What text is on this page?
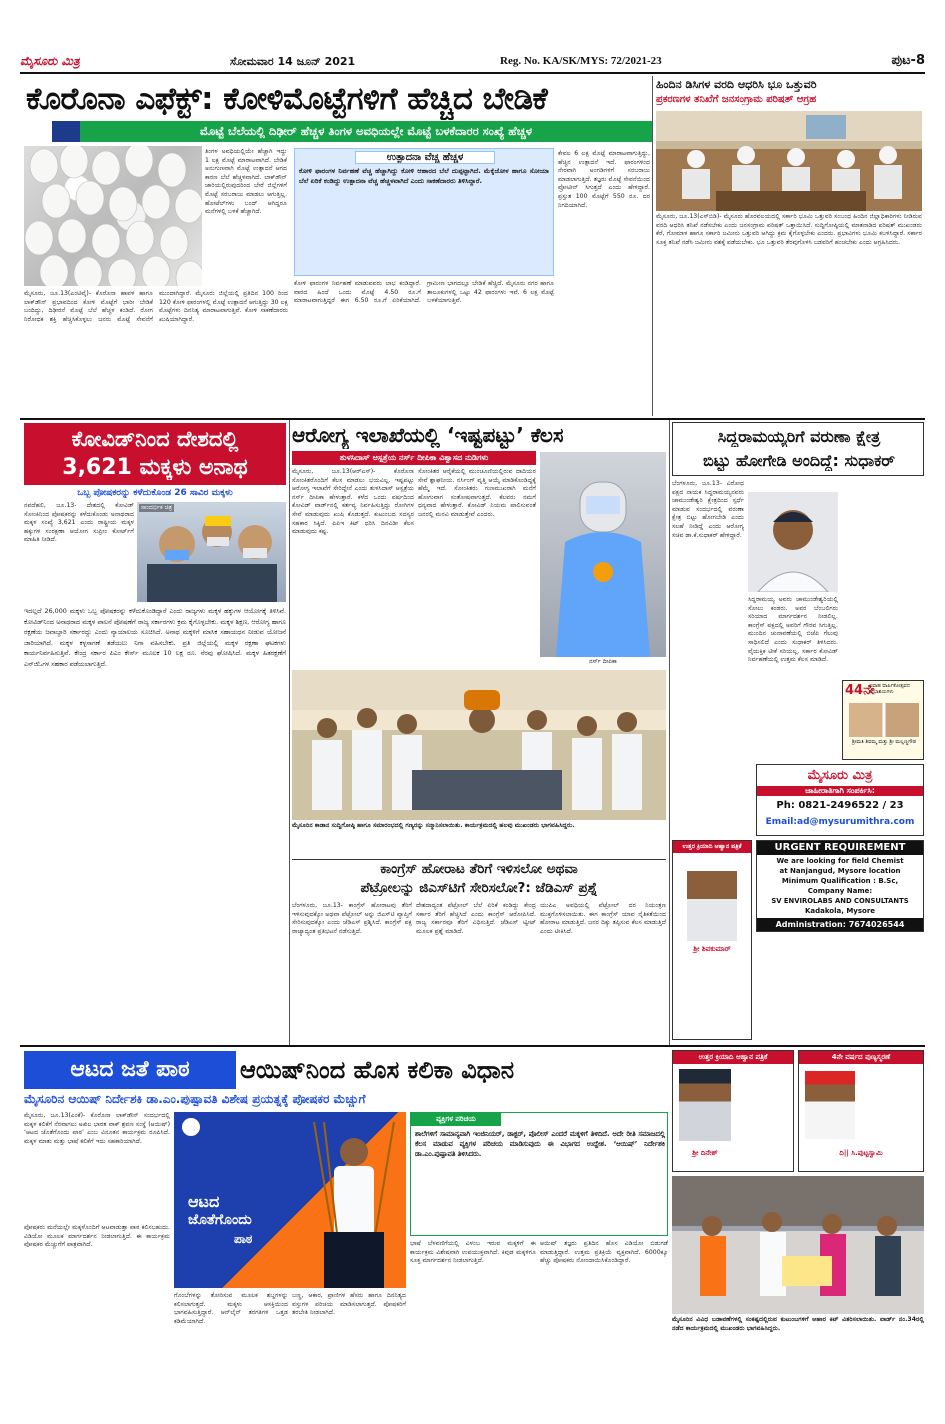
ಮೈಸೂರು ಮಿತ್ರ	ಸೋಮವಾರ 14 ಜೂನ್ 2021	Reg. No. KA/SK/MYS: 72/2021-23	ಪುಟ-8
ಕೊರೊನಾ ಎಫೆಕ್ಟ್: ಕೋಳಿಮೊಟ್ಟೆಗಳಿಗೆ ಹೆಚ್ಚಿದ ಬೇಡಿಕೆ
ಮೊಟ್ಟೆ ಬೆಲೆಯಲ್ಲಿ ದಿಢೀರ್ ಹೆಚ್ಚಳ ತಿಂಗಳ ಅವಧಿಯಲ್ಲೇ ಮೊಟ್ಟೆ ಬಳಕೆದಾರರ ಸಂಖ್ಯೆ ಹೆಚ್ಚಳ
ತಿಂಗಳ ಅವಧಿಯಲ್ಲಿಯೇ ಹೆಚ್ಚಾಗಿ ಇದ್ದು 1 ಲಕ್ಷ ಮೊಟ್ಟೆ ಮಾರಾಟವಾಗಿದೆ. ಬೇಡಿಕೆ ಅನುಗುಣವಾಗಿ ಮೊಟ್ಟೆ ಉತ್ಪಾದನೆ ಆಗದ ಕಾರಣ ಬೆಲೆ ಹೆಚ್ಚಳವಾಗಿದೆ. ಲಾಕ್‌ಡೌನ್ ಜಾರಿಯಲ್ಲಿರುವುದರಿಂದ ಬೇರೆ ಜಿಲ್ಲೆಗಳಿಗೆ ಮೊಟ್ಟೆ ಸರಬರಾಜು ಮಾಡಲು ಆಗುತ್ತಿಲ್ಲ. ಹೋಟೆಲ್‌ಗಳು ಬಂದ್ ಆಗಿದ್ದರೂ ಮನೆಗಳಲ್ಲಿ ಬಳಕೆ ಹೆಚ್ಚಾಗಿದೆ.
ಮೈಸೂರು, ಜೂ.13(ಎಂಟಿವೈ)- ಕೊರೊನಾ ಹಾವಳಿ ಹಾಗೂ ಲಾಕ್‌ಡೌನ್ ಪ್ರಭಾವದಿಂದ ಕೋಳಿ ಮೊಟ್ಟೆಗೆ ಭಾರೀ ಬೇಡಿಕೆ ಬಂದಿದ್ದು, ದಿಢೀರನೆ ಮೊಟ್ಟೆ ಬೆಲೆ ಹೆಚ್ಚಳ ಕಂಡಿದೆ. ರೋಗ ನಿರೋಧಕ ಶಕ್ತಿ ಹೆಚ್ಚಿಸಿಕೊಳ್ಳಲು ಜನರು ಮೊಟ್ಟೆ ಸೇವನೆಗೆ ಮುಂದಾಗಿದ್ದಾರೆ. ಮೈಸೂರು ಜಿಲ್ಲೆಯಲ್ಲಿ ಪ್ರತಿದಿನ 100 ರಿಂದ 120 ಕೋಳಿ ಫಾರಂಗಳಲ್ಲಿ ಮೊಟ್ಟೆ ಉತ್ಪಾದನೆ ಆಗುತ್ತಿದ್ದು 30 ಲಕ್ಷ ಮೊಟ್ಟೆಗಳು ದಿನನಿತ್ಯ ಮಾರಾಟವಾಗುತ್ತಿವೆ. ಕೋಳಿ ಸಾಕಣೆದಾರರು ಖುಷಿಯಾಗಿದ್ದಾರೆ.
ಉತ್ಪಾದನಾ ವೆಚ್ಚ ಹೆಚ್ಚಳ
ಕೋಳಿ ಫಾರಂಗಳ ನಿರ್ವಹಣೆ ವೆಚ್ಚ ಹೆಚ್ಚಾಗಿದ್ದು ಕೋಳಿ ಆಹಾರದ ಬೆಲೆ ದುಪ್ಪಟ್ಟಾಗಿದೆ. ಮೆಕ್ಕೆಜೋಳ ಹಾಗೂ ಸೋಯಾ ಬೆಲೆ ಏರಿಕೆ ಕಂಡಿದ್ದು ಉತ್ಪಾದನಾ ವೆಚ್ಚ ಹೆಚ್ಚಳವಾಗಿದೆ ಎಂದು ಸಾಕಣೆದಾರರು ತಿಳಿಸಿದ್ದಾರೆ.
ಕೋಳಿ ಫಾರಂಗಳ ನಿರ್ವಹಣೆ ಮಾಡುವವರು ಲಾಭ ಕಂಡಿದ್ದಾರೆ. ವಾರದ ಹಿಂದೆ ಒಂದು ಮೊಟ್ಟೆ 4.50 ರೂ.ಗೆ ಮಾರಾಟವಾಗುತ್ತಿದ್ದರೆ ಈಗ 6.50 ರೂ.ಗೆ ಏರಿಕೆಯಾಗಿದೆ. ಗ್ರಾಮೀಣ ಭಾಗದಲ್ಲೂ ಬೇಡಿಕೆ ಹೆಚ್ಚಿದೆ. ಮೈಸೂರು ನಗರ ಹಾಗೂ ತಾಲೂಕುಗಳಲ್ಲಿ ಒಟ್ಟು 42 ಫಾರಂಗಳು ಇವೆ. 6 ಲಕ್ಷ ಮೊಟ್ಟೆ ಬಳಕೆಯಾಗುತ್ತಿವೆ.
ಕೇವಲ 6 ಲಕ್ಷ ಮೊಟ್ಟೆ ಮಾರಾಟವಾಗುತ್ತಿದ್ದು, ಹೆಚ್ಚಿನ ಉತ್ಪಾದನೆ ಇದೆ. ಫಾರಂಗಳಿಂದ ನೇರವಾಗಿ ಅಂಗಡಿಗಳಿಗೆ ಸರಬರಾಜು ಮಾಡಲಾಗುತ್ತಿದೆ. ತಜ್ಞರು ಮೊಟ್ಟೆ ಸೇವನೆಯಿಂದ ಪ್ರೋಟೀನ್ ಸಿಗುತ್ತದೆ ಎಂದು ಹೇಳಿದ್ದಾರೆ. ಪ್ರಸ್ತುತ 100 ಮೊಟ್ಟೆಗೆ 550 ರೂ. ದರ ನಿಗದಿಯಾಗಿದೆ.
ಹಿಂದಿನ ಡಿಸಿಗಳ ವರದಿ ಆಧರಿಸಿ ಭೂ ಒತ್ತುವರಿ
ಪ್ರಕರಣಗಳ ತನಿಖೆಗೆ ಜನಸಂಗ್ರಾಮ ಪರಿಷತ್ ಆಗ್ರಹ
ಮೈಸೂರು, ಜೂ.13(ಎಸ್‌ಬಿಡಿ)- ಮೈಸೂರು ಹೊರವಲಯದಲ್ಲಿ ಸರ್ಕಾರಿ ಭೂಮಿ ಒತ್ತುವರಿ ಸಂಬಂಧ ಹಿಂದಿನ ಜಿಲ್ಲಾಧಿಕಾರಿಗಳು ನೀಡಿರುವ ವರದಿ ಆಧರಿಸಿ ತನಿಖೆ ನಡೆಸಬೇಕು ಎಂದು ಜನಸಂಗ್ರಾಮ ಪರಿಷತ್ ಒತ್ತಾಯಿಸಿದೆ. ಸುದ್ದಿಗೋಷ್ಠಿಯಲ್ಲಿ ಮಾತನಾಡಿದ ಪರಿಷತ್ ಮುಖಂಡರು ಕೆರೆ, ಗೋಮಾಳ ಹಾಗೂ ಸರ್ಕಾರಿ ಜಮೀನು ಒತ್ತುವರಿ ಆಗಿದ್ದು ಕ್ರಮ ಕೈಗೊಳ್ಳಬೇಕು ಎಂದರು. ಪ್ರಭಾವಿಗಳು ಭೂಮಿ ಕಬಳಿಸಿದ್ದಾರೆ. ಸರ್ಕಾರ ಸೂಕ್ತ ತನಿಖೆ ನಡೆಸಿ ಜಮೀನು ವಶಕ್ಕೆ ಪಡೆಯಬೇಕು. ಭೂ ಒತ್ತುವರಿ ತೆರವುಗೊಳಿಸಿ ಬಡವರಿಗೆ ಹಂಚಬೇಕು ಎಂದು ಆಗ್ರಹಿಸಿದರು.
ಕೋವಿಡ್‌ನಿಂದ ದೇಶದಲ್ಲಿ
3,621 ಮಕ್ಕಳು ಅನಾಥ
ಒಬ್ಬ ಪೋಷಕರನ್ನು ಕಳೆದುಕೊಂಡ 26 ಸಾವಿರ ಮಕ್ಕಳು
ನವದೆಹಲಿ, ಜೂ.13- ದೇಶದಲ್ಲಿ ಕೋವಿಡ್ ಸೋಂಕಿನಿಂದ ಪೋಷಕರನ್ನು ಕಳೆದುಕೊಂಡು ಅನಾಥರಾದ ಮಕ್ಕಳ ಸಂಖ್ಯೆ 3,621 ಎಂದು ರಾಷ್ಟ್ರೀಯ ಮಕ್ಕಳ ಹಕ್ಕುಗಳ ಸಂರಕ್ಷಣಾ ಆಯೋಗ ಸುಪ್ರೀಂ ಕೋರ್ಟ್‌ಗೆ ಮಾಹಿತಿ ನೀಡಿದೆ.
ಸಾಂದರ್ಭಿಕ ಚಿತ್ರ
ಇದಲ್ಲದೆ 26,000 ಮಕ್ಕಳು ಒಬ್ಬ ಪೋಷಕರನ್ನು ಕಳೆದುಕೊಂಡಿದ್ದಾರೆ ಎಂದು ರಾಜ್ಯಗಳು ಮಕ್ಕಳ ಹಕ್ಕುಗಳ ಆಯೋಗಕ್ಕೆ ತಿಳಿಸಿವೆ. ಕೋವಿಡ್‌ನಿಂದ ಅನಾಥರಾದ ಮಕ್ಕಳ ಪಾಲನೆ ಪೋಷಣೆಗೆ ರಾಜ್ಯ ಸರ್ಕಾರಗಳು ಕ್ರಮ ಕೈಗೊಳ್ಳಬೇಕು. ಮಕ್ಕಳ ಶಿಕ್ಷಣ, ಆರೋಗ್ಯ ಹಾಗೂ ರಕ್ಷಣೆಯ ಜವಾಬ್ದಾರಿ ಸರ್ಕಾರದ್ದು ಎಂದು ನ್ಯಾಯಾಲಯ ಸೂಚಿಸಿದೆ. ಅನಾಥ ಮಕ್ಕಳಿಗೆ ಮಾಸಿಕ ಸಹಾಯಧನ ನೀಡುವ ಯೋಜನೆ ಜಾರಿಯಾಗಿದೆ. ಮಕ್ಕಳ ಕಳ್ಳಸಾಗಣೆ ತಡೆಯಲು ನಿಗಾ ವಹಿಸಬೇಕು. ಪ್ರತಿ ಜಿಲ್ಲೆಯಲ್ಲಿ ಮಕ್ಕಳ ರಕ್ಷಣಾ ಘಟಕಗಳು ಕಾರ್ಯನಿರ್ವಹಿಸುತ್ತಿವೆ. ಕೇಂದ್ರ ಸರ್ಕಾರ ಪಿಎಂ ಕೇರ್ಸ್ ಮೂಲಕ 10 ಲಕ್ಷ ರೂ. ನೆರವು ಘೋಷಿಸಿದೆ. ಮಕ್ಕಳ ಹಿತರಕ್ಷಣೆಗೆ ಎನ್‌ಜಿಓಗಳ ಸಹಕಾರ ಪಡೆಯಲಾಗುತ್ತಿದೆ.
ಆರೋಗ್ಯ ಇಲಾಖೆಯಲ್ಲಿ ‘ಇಷ್ಟಪಟ್ಟು’ ಕೆಲಸ
ತುಳಸಿದಾಸ್ ಆಸ್ಪತ್ರೆಯ ನರ್ಸ್ ದೀಪಿಕಾ ವಿಶ್ವಾಸದ ನುಡಿಗಳು
ಮೈಸೂರು, ಜೂ.13(ಆರ್‌ಎಸ್)- ಕೊರೊನಾ ಸೋಂಕಿತರೊಂದಿಗೆ ಕೆಲಸ ಮಾಡಲು ಭಯವಿಲ್ಲ. ಇಷ್ಟಪಟ್ಟು ಆರೋಗ್ಯ ಇಲಾಖೆಗೆ ಸೇರಿದ್ದೇನೆ ಎಂದು ತುಳಸಿದಾಸ್ ಆಸ್ಪತ್ರೆಯ ನರ್ಸ್ ದೀಪಿಕಾ ಹೇಳುತ್ತಾರೆ. ಕಳೆದ ಒಂದು ವರ್ಷದಿಂದ ಕೋವಿಡ್ ವಾರ್ಡ್‌ನಲ್ಲಿ ಕರ್ತವ್ಯ ನಿರ್ವಹಿಸುತ್ತಿದ್ದು ರೋಗಿಗಳ ಸೇವೆ ಮಾಡುವುದು ಖುಷಿ ಕೊಡುತ್ತದೆ. ಕುಟುಂಬದ ಸದಸ್ಯರ ಸಹಕಾರ ಸಿಕ್ಕಿದೆ. ಪಿಪಿಇ ಕಿಟ್ ಧರಿಸಿ ದಿನವಿಡೀ ಕೆಲಸ ಮಾಡುವುದು ಕಷ್ಟ.
ಸೋಂಕಿತರ ಆರೈಕೆಯಲ್ಲಿ ಮುಂಚೂಣಿಯಲ್ಲಿರುವ ದಾದಿಯರ ಸೇವೆ ಶ್ಲಾಘನೀಯ. ನರ್ಸಿಂಗ್ ವೃತ್ತಿ ಆಯ್ಕೆ ಮಾಡಿಕೊಂಡಿದ್ದಕ್ಕೆ ಹೆಮ್ಮೆ ಇದೆ. ಸೋಂಕಿತರು ಗುಣಮುಖರಾಗಿ ಮನೆಗೆ ಹೋಗುವಾಗ ಸಂತೋಷವಾಗುತ್ತದೆ. ಕೆಲವರು ನಮಗೆ ಧನ್ಯವಾದ ಹೇಳುತ್ತಾರೆ. ಕೋವಿಡ್ ನಿಯಮ ಪಾಲಿಸುವಂತೆ ಜನರಲ್ಲಿ ಮನವಿ ಮಾಡುತ್ತೇವೆ ಎಂದರು.
ನರ್ಸ್ ದೀಪಿಕಾ
ಮೈಸೂರಿನ ಕಾಡಾನ ಸುದ್ದಿಗೋಷ್ಠಿ ಹಾಗೂ ಸಮಾರಂಭದಲ್ಲಿ ಗಣ್ಯರನ್ನು ಸನ್ಮಾನಿಸಲಾಯಿತು. ಕಾರ್ಯಕ್ರಮದಲ್ಲಿ ಹಲವು ಮುಖಂಡರು ಭಾಗವಹಿಸಿದ್ದರು.
ಕಾಂಗ್ರೆಸ್ ಹೋರಾಟ ತೆರಿಗೆ ಇಳಿಸಲೋ ಅಥವಾ
ಪೆಟ್ರೋಲನ್ನು ಜಿಎಸ್‌ಟಿಗೆ ಸೇರಿಸಲೋ?: ಜೆಡಿಎಸ್ ಪ್ರಶ್ನೆ
ಬೆಂಗಳೂರು, ಜೂ.13- ಕಾಂಗ್ರೆಸ್ ಹೋರಾಟವು ತೆರಿಗೆ ಇಳಿಸುವುದಕ್ಕೋ ಅಥವಾ ಪೆಟ್ರೋಲ್ ಅನ್ನು ಜಿಎಸ್‌ಟಿ ವ್ಯಾಪ್ತಿಗೆ ಸೇರಿಸುವುದಕ್ಕೋ ಎಂದು ಜೆಡಿಎಸ್ ಪ್ರಶ್ನಿಸಿದೆ. ಕಾಂಗ್ರೆಸ್ ಪಕ್ಷ ರಾಜ್ಯಾದ್ಯಂತ ಪ್ರತಿಭಟನೆ ನಡೆಸುತ್ತಿದೆ.
ದೇಶದಾದ್ಯಂತ ಪೆಟ್ರೋಲ್ ಬೆಲೆ ಏರಿಕೆ ಕಂಡಿದ್ದು ಕೇಂದ್ರ ಸರ್ಕಾರ ತೆರಿಗೆ ಹೆಚ್ಚಿಸಿದೆ ಎಂದು ಕಾಂಗ್ರೆಸ್ ಆರೋಪಿಸಿದೆ. ರಾಜ್ಯ ಸರ್ಕಾರವೂ ತೆರಿಗೆ ವಿಧಿಸುತ್ತಿದೆ. ಜೆಡಿಎಸ್ ಟ್ವೀಟ್ ಮೂಲಕ ಪ್ರಶ್ನೆ ಮಾಡಿದೆ.
ಯುಪಿಎ ಅವಧಿಯಲ್ಲಿ ಪೆಟ್ರೋಲ್ ದರ ನಿಯಂತ್ರಣ ಮುಕ್ತಗೊಳಿಸಲಾಯಿತು. ಈಗ ಕಾಂಗ್ರೆಸ್ ಯಾವ ನೈತಿಕತೆಯಿಂದ ಹೋರಾಟ ಮಾಡುತ್ತಿದೆ. ಜನರ ದಿಕ್ಕು ತಪ್ಪಿಸುವ ಕೆಲಸ ಮಾಡುತ್ತಿದೆ ಎಂದು ಟೀಕಿಸಿದೆ.
ಸಿದ್ದರಾಮಯ್ಯರಿಗೆ ವರುಣಾ ಕ್ಷೇತ್ರ
ಬಿಟ್ಟು ಹೋಗೇಡಿ ಅಂದಿದ್ದೆ: ಸುಧಾಕರ್
ಬೆಂಗಳೂರು, ಜೂ.13- ವಿರೋಧ ಪಕ್ಷದ ನಾಯಕ ಸಿದ್ದರಾಮಯ್ಯನವರು ಚಾಮುಂಡೇಶ್ವರಿ ಕ್ಷೇತ್ರದಿಂದ ಸ್ಪರ್ಧೆ ಮಾಡುವ ಸಂದರ್ಭದಲ್ಲಿ ವರುಣಾ ಕ್ಷೇತ್ರ ಬಿಟ್ಟು ಹೋಗಬೇಡಿ ಎಂದು ಸಲಹೆ ನೀಡಿದ್ದೆ ಎಂದು ಆರೋಗ್ಯ ಸಚಿವ ಡಾ.ಕೆ.ಸುಧಾಕರ್ ಹೇಳಿದ್ದಾರೆ.
ಸಿದ್ದರಾಮಯ್ಯ ಅವರು ಚಾಮುಂಡೇಶ್ವರಿಯಲ್ಲಿ ಸೋಲು ಕಂಡರು. ಅವರ ಬೆಂಬಲಿಗರು ಸರಿಯಾದ ಮಾರ್ಗದರ್ಶನ ನೀಡಲಿಲ್ಲ. ಕಾಂಗ್ರೆಸ್ ಪಕ್ಷದಲ್ಲಿ ಅವರಿಗೆ ಗೌರವ ಸಿಗುತ್ತಿಲ್ಲ. ಮುಂದಿನ ಚುನಾವಣೆಯಲ್ಲಿ ಬಿಜೆಪಿ ಗೆಲುವು ಸಾಧಿಸಲಿದೆ ಎಂದು ಸುಧಾಕರ್ ತಿಳಿಸಿದರು. ವೈಯಕ್ತಿಕ ಟೀಕೆ ಸರಿಯಲ್ಲ. ಸರ್ಕಾರ ಕೋವಿಡ್ ನಿರ್ವಹಣೆಯಲ್ಲಿ ಉತ್ತಮ ಕೆಲಸ ಮಾಡಿದೆ.
44ನೇ
ವಿವಾಹ ವಾರ್ಷಿಕೋತ್ಸವದ ಶುಭಾಶಯಗಳು
ಶ್ರೀಮತಿ ಶಿವಮ್ಮ ಮತ್ತು ಶ್ರೀ ಮಲ್ಲಣ್ಣಗೌಡ
ಮೈಸೂರು ಮಿತ್ರ
ಜಾಹೀರಾತಿಗಾಗಿ ಸಂಪರ್ಕಿಸಿ:
Ph: 0821-2496522 / 23
Email:ad@mysurumithra.com
ಉತ್ತರ ಕ್ರಿಯಾದಿ ಆಹ್ವಾನ ಪತ್ರಿಕೆ
ಶ್ರೀ ಶಿವಕುಮಾರ್
URGENT REQUIREMENT
We are looking for field Chemist
at Nanjangud, Mysore location
Minimum Qualification : B.Sc,
Company Name:
SV ENVIROLABS AND CONSULTANTS
Kadakola, Mysore
Administration: 7674026544
ಉತ್ತರ ಕ್ರಿಯಾದಿ ಆಹ್ವಾನ ಪತ್ರಿಕೆ
ಶ್ರೀ ದಿನೇಶ್
4ನೇ ವರ್ಷದ ಪುಣ್ಯಸ್ಮರಣೆ
ದಿ|| ಸಿ.ಪುಟ್ಟಸ್ವಾಮಿ
ಆಟದ ಜತೆ ಪಾಠ	ಆಯಿಷ್‌ನಿಂದ ಹೊಸ ಕಲಿಕಾ ವಿಧಾನ
ಮೈಸೂರಿನ ಆಯಿಷ್ ನಿರ್ದೇಶಕಿ ಡಾ.ಎಂ.ಪುಷ್ಪಾವತಿ ವಿಶೇಷ ಪ್ರಯತ್ನಕ್ಕೆ ಪೋಷಕರ ಮೆಚ್ಚುಗೆ
ಮೈಸೂರು, ಜೂ.13(ಎಂಕೆ)- ಕೊರೊನಾ ಲಾಕ್‌ಡೌನ್ ಸಂದರ್ಭದಲ್ಲಿ ಮಕ್ಕಳ ಕಲಿಕೆಗೆ ನೆರವಾಗಲು ಅಖಿಲ ಭಾರತ ವಾಕ್ ಶ್ರವಣ ಸಂಸ್ಥೆ (ಆಯಿಷ್) ‘ಆಟದ ಜೊತೆಗೊಂದು ಪಾಠ’ ಎಂಬ ವಿನೂತನ ಕಾರ್ಯಕ್ರಮ ರೂಪಿಸಿದೆ. ಮಕ್ಕಳ ಮಾತು ಮತ್ತು ಭಾಷೆ ಕಲಿಕೆಗೆ ಇದು ಸಹಕಾರಿಯಾಗಿದೆ.
ಆಟದ
ಜೊತೆಗೊಂದು
ಪಾಠ
ಪೋಷಕರು ಮನೆಯಲ್ಲೇ ಮಕ್ಕಳೊಂದಿಗೆ ಆಟವಾಡುತ್ತಾ ಪಾಠ ಕಲಿಸಬಹುದು. ವಿಡಿಯೋ ಮೂಲಕ ಮಾರ್ಗದರ್ಶನ ನೀಡಲಾಗುತ್ತಿದೆ. ಈ ಕಾರ್ಯಕ್ರಮ ಪೋಷಕರ ಮೆಚ್ಚುಗೆಗೆ ಪಾತ್ರವಾಗಿದೆ.
ಗೊಂಬೆಗಳನ್ನು ತೋರಿಸುವ ಮೂಲಕ ಶಬ್ದಗಳನ್ನು ಕಲಿಸಲಾಗುತ್ತದೆ. ಮಕ್ಕಳು ಆಸಕ್ತಿಯಿಂದ ಭಾಗವಹಿಸುತ್ತಿದ್ದಾರೆ. ಆನ್‌ಲೈನ್ ತರಗತಿಗಳ ಒತ್ತಡ ಕಡಿಮೆಯಾಗಿದೆ.
ಬಣ್ಣ, ಆಕಾರ, ಪ್ರಾಣಿಗಳ ಹೆಸರು ಹಾಗೂ ದಿನನಿತ್ಯದ ವಸ್ತುಗಳ ಪರಿಚಯ ಮಾಡಿಸಲಾಗುತ್ತದೆ. ಪೋಷಕರಿಗೆ ತರಬೇತಿ ನೀಡಲಾಗಿದೆ.
ವ್ಯಕ್ತಿಗಳ ಪರಿಚಯ
ಶಾಲೆಗಳಿಗೆ ಸಾಮಾನ್ಯವಾಗಿ ಇಂಜಿನಿಯರ್, ಡಾಕ್ಟರ್, ಪೊಲೀಸ್ ಎಂದರೆ ಮಕ್ಕಳಿಗೆ ತಿಳಿದಿದೆ. ಅದೇ ರೀತಿ ಸಮಾಜದಲ್ಲಿ ಕೆಲಸ ಮಾಡುವ ವ್ಯಕ್ತಿಗಳ ಪರಿಚಯ ಮಾಡಿಸುವುದು ಈ ವಿಭಾಗದ ಉದ್ದೇಶ. ‘ಆಯಿಷ್’ ನಿರ್ದೇಶಕಿ ಡಾ.ಎಂ.ಪುಷ್ಪಾವತಿ ತಿಳಿಸಿದರು.
ಭಾಷೆ ಬೆಳವಣಿಗೆಯಲ್ಲಿ ವಿಳಂಬ ಇರುವ ಮಕ್ಕಳಿಗೆ ಈ ಕಾರ್ಯಕ್ರಮ ವಿಶೇಷವಾಗಿ ಉಪಯುಕ್ತವಾಗಿದೆ. ಕಿವುಡ ಮಕ್ಕಳಿಗೂ ಸೂಕ್ತ ಮಾರ್ಗದರ್ಶನ ನೀಡಲಾಗುತ್ತಿದೆ.
ಆಯಿಷ್ ತಜ್ಞರು ಪ್ರತಿದಿನ ಹೊಸ ವಿಡಿಯೋ ಬಿಡುಗಡೆ ಮಾಡುತ್ತಿದ್ದಾರೆ. ಉತ್ತಮ ಪ್ರತಿಕ್ರಿಯೆ ವ್ಯಕ್ತವಾಗಿದೆ. 6000ಕ್ಕೂ ಹೆಚ್ಚು ಪೋಷಕರು ನೋಂದಾಯಿಸಿಕೊಂಡಿದ್ದಾರೆ.
ಮೈಸೂರಿನ ವಿವಿಧ ಬಡಾವಣೆಗಳಲ್ಲಿ ಸಂಕಷ್ಟದಲ್ಲಿರುವ ಕುಟುಂಬಗಳಿಗೆ ಆಹಾರ ಕಿಟ್ ವಿತರಿಸಲಾಯಿತು. ವಾರ್ಡ್ ನಂ.34ರಲ್ಲಿ ನಡೆದ ಕಾರ್ಯಕ್ರಮದಲ್ಲಿ ಮುಖಂಡರು ಭಾಗವಹಿಸಿದ್ದರು.
